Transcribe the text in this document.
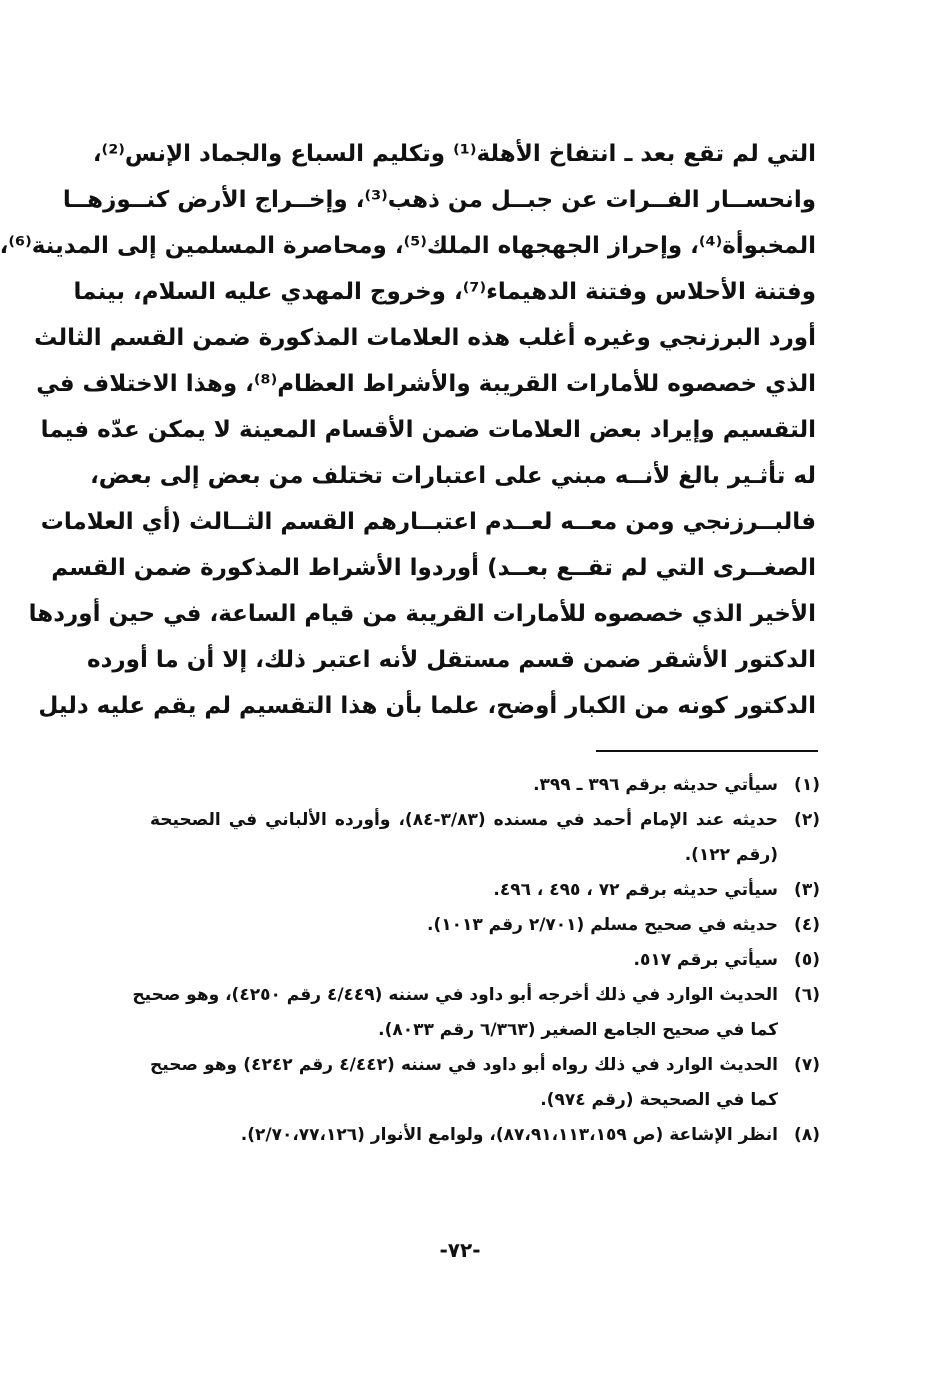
التي لم تقع بعد ـ انتفاخ الأهلة⁽¹⁾ وتكليم السباع والجماد الإنس⁽²⁾،
وانحســار الفــرات عن جبــل من ذهب⁽³⁾، وإخــراج الأرض كنــوزهــا
المخبوأة⁽⁴⁾، وإحراز الجهجهاه الملك⁽⁵⁾، ومحاصرة المسلمين إلى المدينة⁽⁶⁾،
وفتنة الأحلاس وفتنة الدهيماء⁽⁷⁾، وخروج المهدي عليه السلام، بينما
أورد البرزنجي وغيره أغلب هذه العلامات المذكورة ضمن القسم الثالث
الذي خصصوه للأمارات القريبة والأشراط العظام⁽⁸⁾، وهذا الاختلاف في
التقسيم وإيراد بعض العلامات ضمن الأقسام المعينة لا يمكن عدّه فيما
له تأثـير بالغ لأنــه مبني على اعتبارات تختلف من بعض إلى بعض،
فالبــرزنجي ومن معــه لعــدم اعتبــارهم القسم الثــالث (أي العلامات
الصغــرى التي لم تقــع بعــد) أوردوا الأشراط المذكورة ضمن القسم
الأخير الذي خصصوه للأمارات القريبة من قيام الساعة، في حين أوردها
الدكتور الأشقر ضمن قسم مستقل لأنه اعتبر ذلك، إلا أن ما أورده
الدكتور كونه من الكبار أوضح، علما بأن هذا التقسيم لم يقم عليه دليل
(١)
سيأتي حديثه برقم ٣٩٦ ـ ٣٩٩.
(٢)
حديثه عند الإمام أحمد في مسنده (٣/٨٣-٨٤)، وأورده الألباني في الصحيحة
(رقم ١٢٢).
(٣)
سيأتي حديثه برقم ٧٢ ، ٤٩٥ ، ٤٩٦.
(٤)
حديثه في صحيح مسلم (٢/٧٠١ رقم ١٠١٣).
(٥)
سيأتي برقم ٥١٧.
(٦)
الحديث الوارد في ذلك أخرجه أبو داود في سننه (٤/٤٤٩ رقم ٤٢٥٠)، وهو صحيح
كما في صحيح الجامع الصغير (٦/٣٦٣ رقم ٨٠٣٣).
(٧)
الحديث الوارد في ذلك رواه أبو داود في سننه (٤/٤٤٢ رقم ٤٢٤٢) وهو صحيح
كما في الصحيحة (رقم ٩٧٤).
(٨)
انظر الإشاعة (ص ٨٧،٩١،١١٣،١٥٩)، ولوامع الأنوار (٢/٧٠،٧٧،١٢٦).
-٧٢-
